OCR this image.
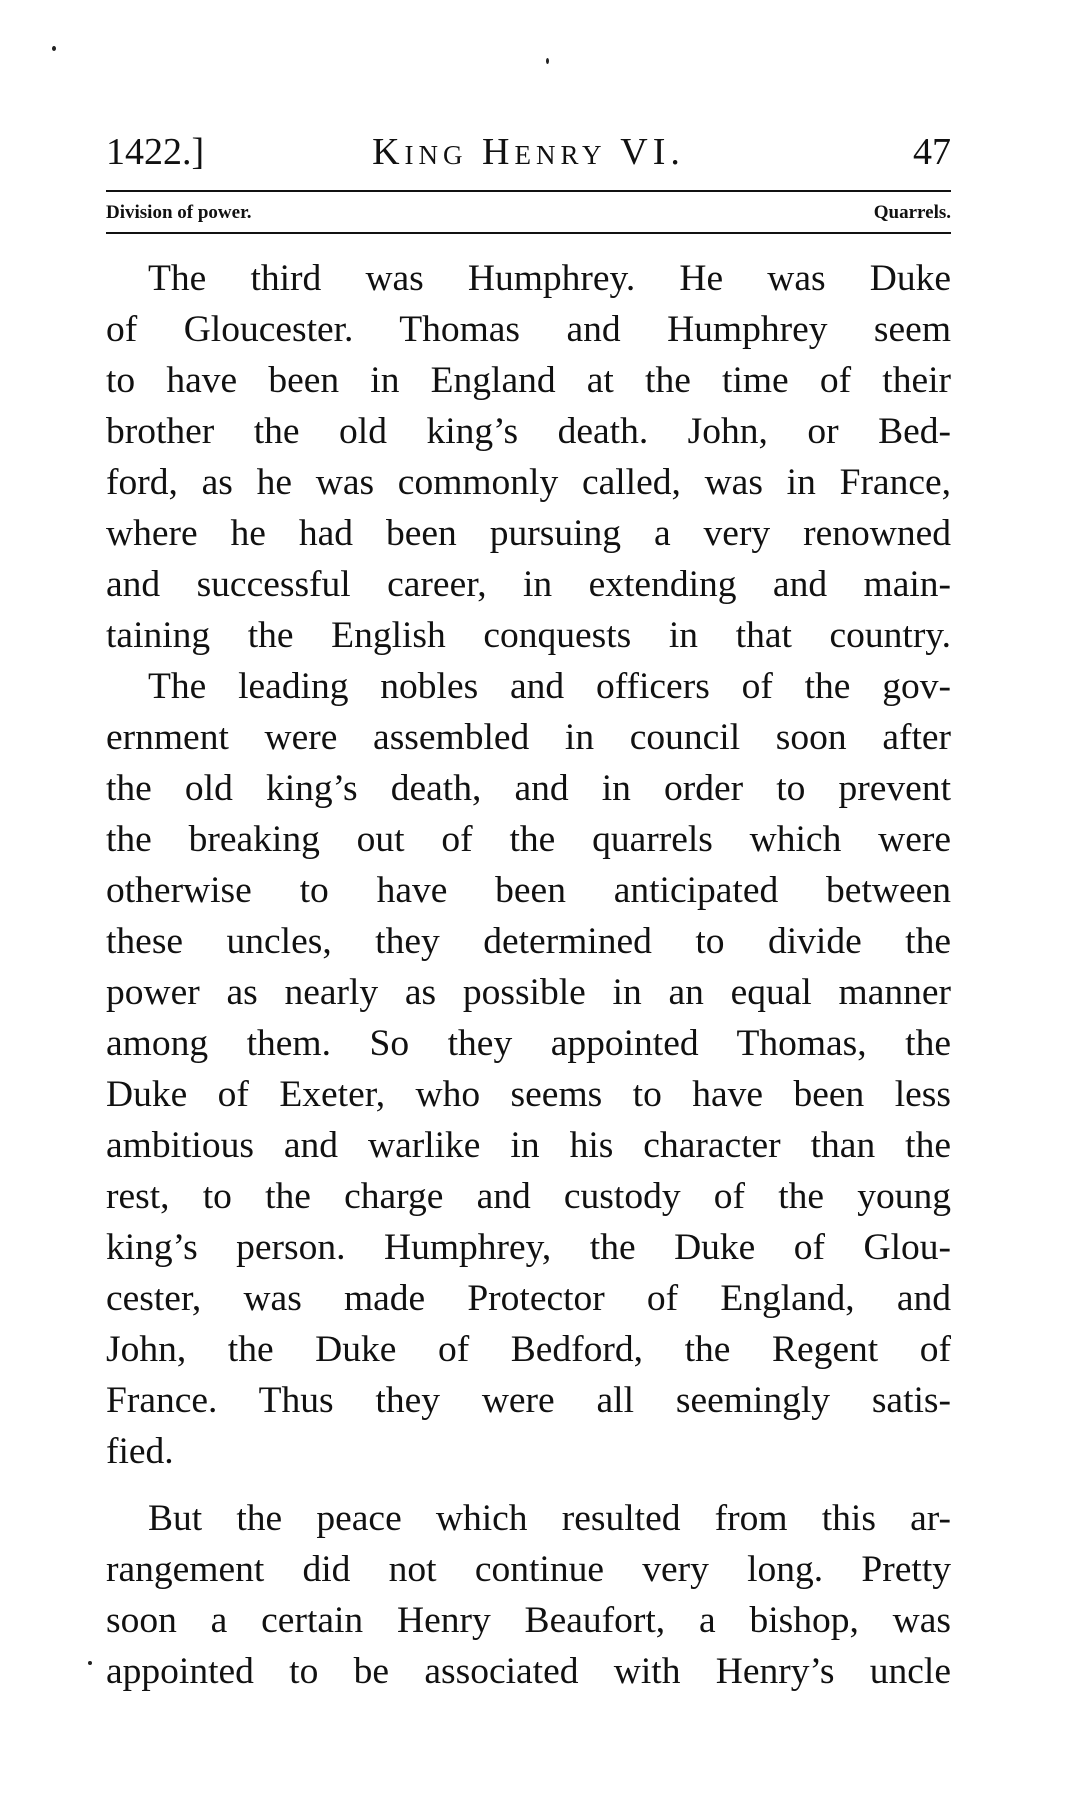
1422.]	King Henry VI.	47
Division of power.	Quarrels.
The third was Humphrey. He was Duke
of Gloucester. Thomas and Humphrey seem
to have been in England at the time of their
brother the old king’s death. John, or Bed-
ford, as he was commonly called, was in France,
where he had been pursuing a very renowned
and successful career, in extending and main-
taining the English conquests in that country.
The leading nobles and officers of the gov-
ernment were assembled in council soon after
the old king’s death, and in order to prevent
the breaking out of the quarrels which were
otherwise to have been anticipated between
these uncles, they determined to divide the
power as nearly as possible in an equal manner
among them. So they appointed Thomas, the
Duke of Exeter, who seems to have been less
ambitious and warlike in his character than the
rest, to the charge and custody of the young
king’s person. Humphrey, the Duke of Glou-
cester, was made Protector of England, and
John, the Duke of Bedford, the Regent of
France. Thus they were all seemingly satis-
fied.
But the peace which resulted from this ar-
rangement did not continue very long. Pretty
soon a certain Henry Beaufort, a bishop, was
appointed to be associated with Henry’s uncle
